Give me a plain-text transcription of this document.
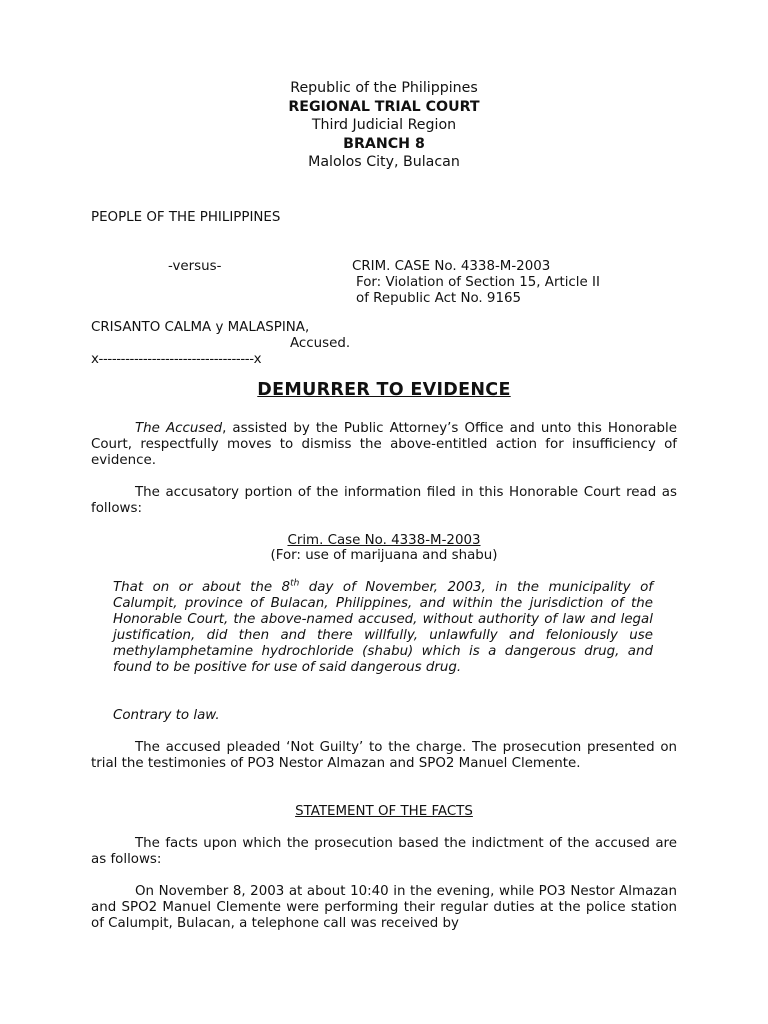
Republic of the Philippines
REGIONAL TRIAL COURT
Third Judicial Region
BRANCH 8
Malolos City, Bulacan
PEOPLE OF THE PHILIPPINES
-versus-	CRIM. CASE No. 4338-M-2003
For: Violation of Section 15, Article II
of Republic Act No. 9165
CRISANTO CALMA y MALASPINA,
Accused.
x-----------------------------------x
DEMURRER TO EVIDENCE
The Accused, assisted by the Public Attorney’s Office and unto this Honorable Court, respectfully moves to dismiss the above-entitled action for insufficiency of evidence.
The accusatory portion of the information filed in this Honorable Court read as follows:
Crim. Case No. 4338-M-2003
(For: use of marijuana and shabu)
That on or about the 8th day of November, 2003, in the municipality of Calumpit, province of Bulacan, Philippines, and within the jurisdiction of the Honorable Court, the above-named accused, without authority of law and legal justification, did then and there willfully, unlawfully and feloniously use methylamphetamine hydrochloride (shabu) which is a dangerous drug, and found to be positive for use of said dangerous drug.
Contrary to law.
The accused pleaded ‘Not Guilty’ to the charge. The prosecution presented on trial the testimonies of PO3 Nestor Almazan and SPO2 Manuel Clemente.
STATEMENT OF THE FACTS
The facts upon which the prosecution based the indictment of the accused are as follows:
On November 8, 2003 at about 10:40 in the evening, while PO3 Nestor Almazan and SPO2 Manuel Clemente were performing their regular duties at the police station of Calumpit, Bulacan, a telephone call was received by
